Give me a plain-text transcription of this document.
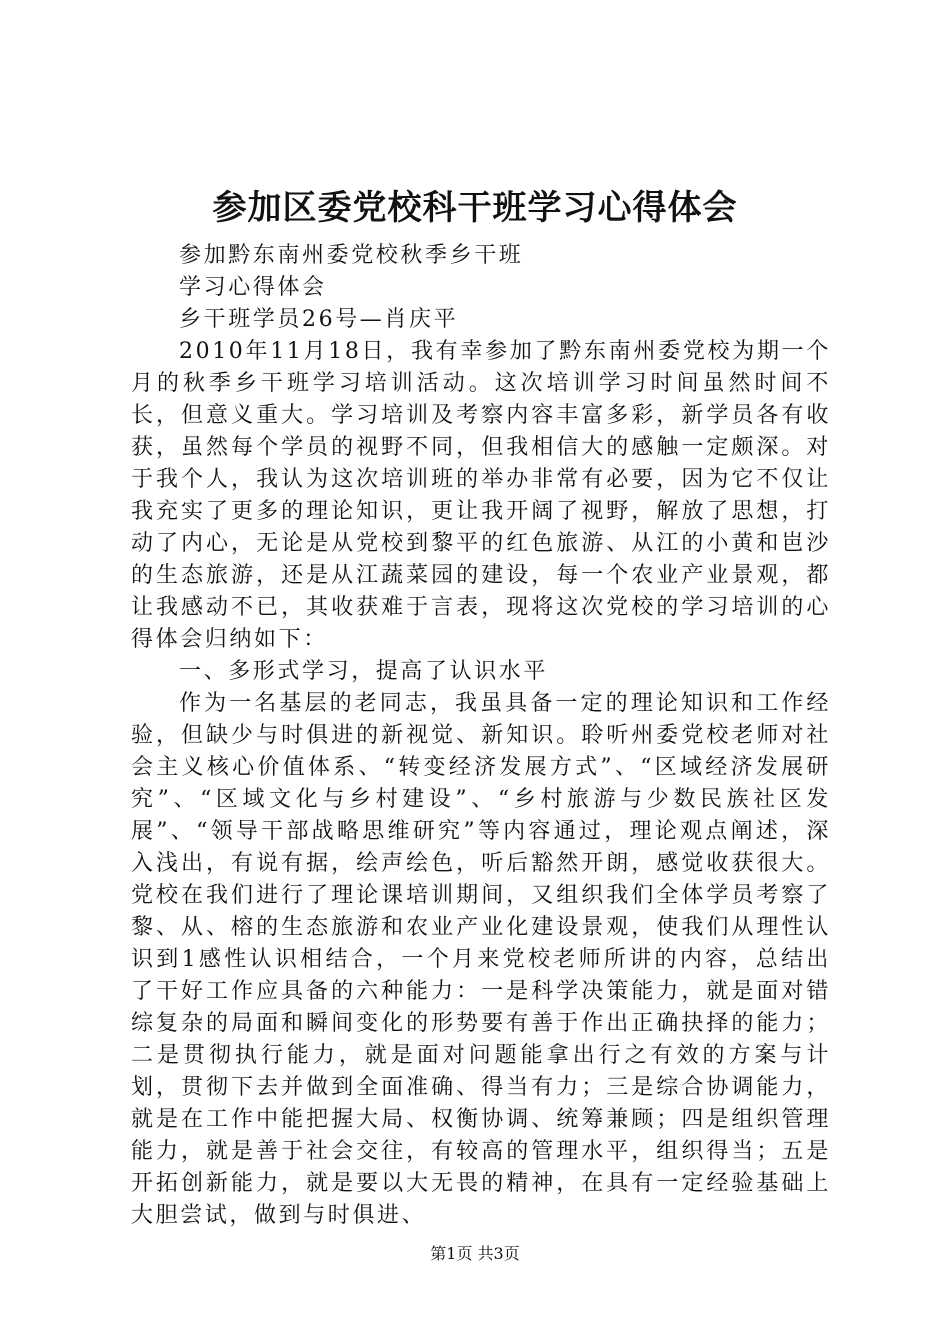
参加区委党校科干班学习心得体会

参加黔东南州委党校秋季乡干班

学习心得体会

乡干班学员26号—肖庆平

2010年11月18日，我有幸参加了黔东南州委党校为期一个月的秋季乡干班学习培训活动。这次培训学习时间虽然时间不长，但意义重大。学习培训及考察内容丰富多彩，新学员各有收获，虽然每个学员的视野不同，但我相信大的感触一定颇深。对于我个人，我认为这次培训班的举办非常有必要，因为它不仅让我充实了更多的理论知识，更让我开阔了视野，解放了思想，打动了内心，无论是从党校到黎平的红色旅游、从江的小黄和岜沙的生态旅游，还是从江蔬菜园的建设，每一个农业产业景观，都让我感动不已，其收获难于言表，现将这次党校的学习培训的心得体会归纳如下：

一、多形式学习，提高了认识水平

作为一名基层的老同志，我虽具备一定的理论知识和工作经验，但缺少与时俱进的新视觉、新知识。聆听州委党校老师对社会主义核心价值体系、“转变经济发展方式”、“区域经济发展研究”、“区域文化与乡村建设”、“乡村旅游与少数民族社区发展”、“领导干部战略思维研究”等内容通过，理论观点阐述，深入浅出，有说有据，绘声绘色，听后豁然开朗，感觉收获很大。党校在我们进行了理论课培训期间，又组织我们全体学员考察了黎、从、榕的生态旅游和农业产业化建设景观，使我们从理性认识到1感性认识相结合，一个月来党校老师所讲的内容，总结出了干好工作应具备的六种能力：一是科学决策能力，就是面对错综复杂的局面和瞬间变化的形势要有善于作出正确抉择的能力；二是贯彻执行能力，就是面对问题能拿出行之有效的方案与计划，贯彻下去并做到全面准确、得当有力；三是综合协调能力，就是在工作中能把握大局、权衡协调、统筹兼顾；四是组织管理能力，就是善于社会交往，有较高的管理水平，组织得当；五是开拓创新能力，就是要以大无畏的精神，在具有一定经验基础上大胆尝试，做到与时俱进、

第1页 共3页
